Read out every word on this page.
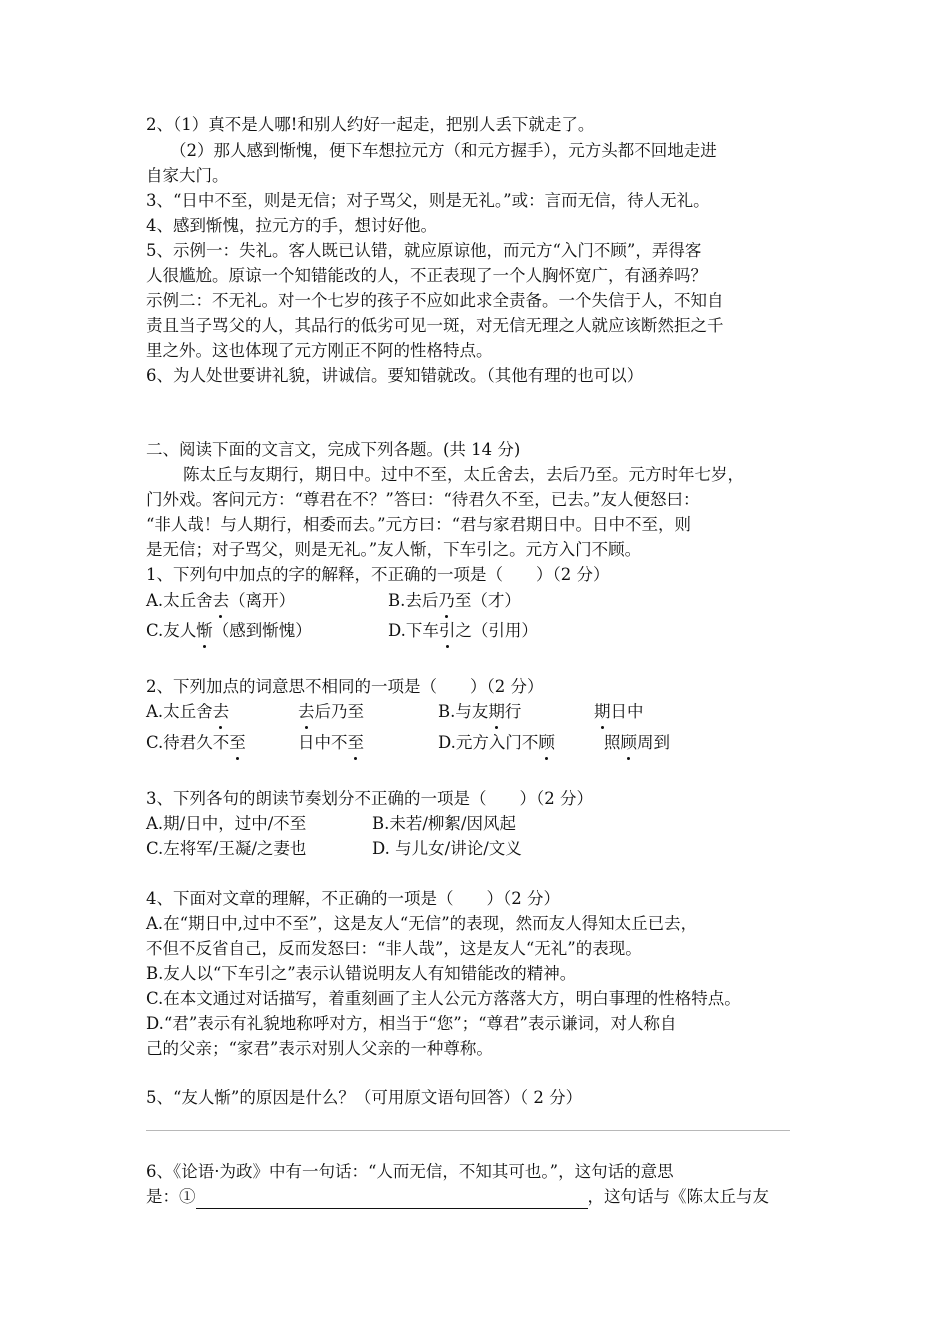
2、（1）真不是人哪!和别人约好一起走，把别人丢下就走了。
（2）那人感到惭愧，便下车想拉元方（和元方握手），元方头都不回地走进
自家大门。
3、“日中不至，则是无信；对子骂父，则是无礼。”或：言而无信，待人无礼。
4、感到惭愧，拉元方的手，想讨好他。
5、示例一：失礼。客人既已认错，就应原谅他，而元方“入门不顾”，弄得客
人很尴尬。原谅一个知错能改的人，不正表现了一个人胸怀宽广，有涵养吗？
示例二：不无礼。对一个七岁的孩子不应如此求全责备。一个失信于人，不知自
责且当子骂父的人，其品行的低劣可见一斑，对无信无理之人就应该断然拒之千
里之外。这也体现了元方刚正不阿的性格特点。
6、为人处世要讲礼貌，讲诚信。要知错就改。（其他有理的也可以）
二、阅读下面的文言文，完成下列各题。(共 14 分)
陈太丘与友期行，期日中。过中不至，太丘舍去，去后乃至。元方时年七岁，
门外戏。客问元方：“尊君在不？”答曰：“待君久不至，已去。”友人便怒曰：
“非人哉！与人期行，相委而去。”元方曰：“君与家君期日中。日中不至，则
是无信；对子骂父，则是无礼。”友人惭，下车引之。元方入门不顾。
1、下列句中加点的字的解释，不正确的一项是（　　）（2 分）
A.太丘舍去（离开）	B.去后乃至（才）
C.友人惭（感到惭愧）	D.下车引之（引用）
2、下列加点的词意思不相同的一项是（　　）（2 分）
A.太丘舍去	去后乃至	B.与友期行	期日中
C.待君久不至	日中不至	D.元方入门不顾	照顾周到
3、下列各句的朗读节奏划分不正确的一项是（　　）（2 分）
A.期/日中，过中/不至	B.未若/柳絮/因风起
C.左将军/王凝/之妻也	D. 与儿女/讲论/文义
4、下面对文章的理解，不正确的一项是（　　）（2 分）
A.在“期日中,过中不至”，这是友人“无信”的表现，然而友人得知太丘已去，
不但不反省自己，反而发怒曰：“非人哉”，这是友人“无礼”的表现。
B.友人以“下车引之”表示认错说明友人有知错能改的精神。
C.在本文通过对话描写，着重刻画了主人公元方落落大方，明白事理的性格特点。
D.“君”表示有礼貌地称呼对方，相当于“您”；“尊君”表示谦词，对人称自
己的父亲；“家君”表示对别人父亲的一种尊称。
5、“友人惭”的原因是什么？（可用原文语句回答）（ 2 分）
6、《论语·为政》中有一句话：“人而无信，不知其可也。”，这句话的意思
是：①	，这句话与《陈太丘与友
